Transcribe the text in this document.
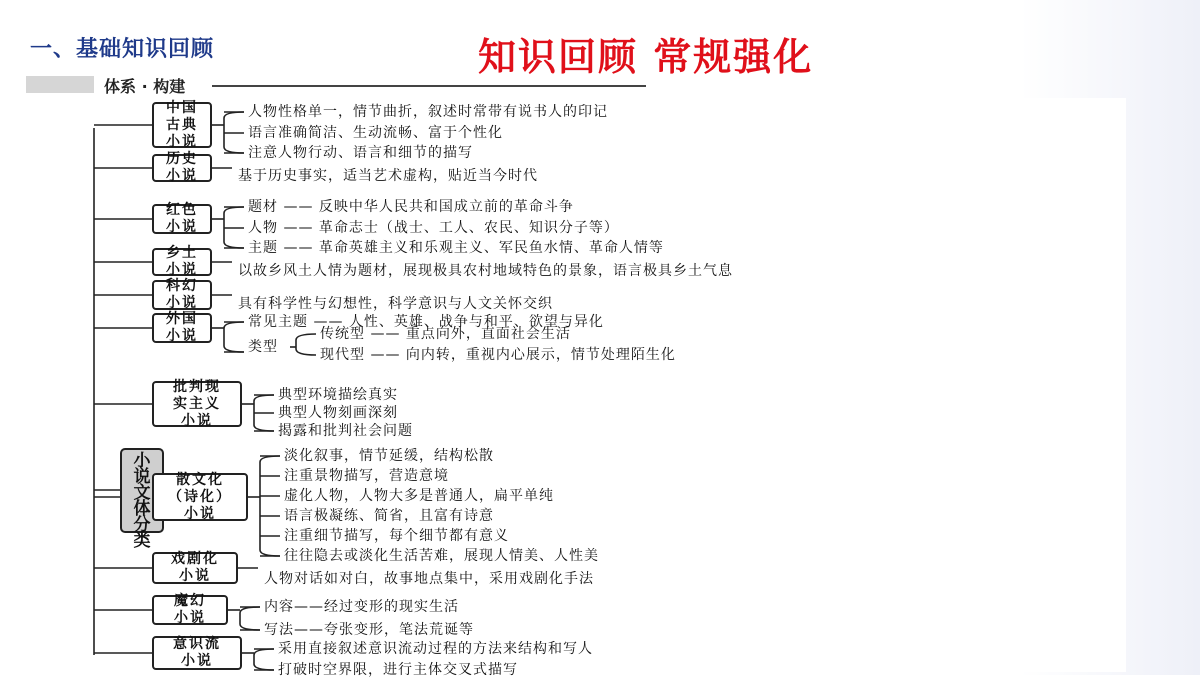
一、基础知识回顾	知识回顾 常规强化
体系 · 构建
小
说
文
体
分
类
中国
古典
小说
人物性格单一，情节曲折，叙述时常带有说书人的印记
语言准确简洁、生动流畅、富于个性化
注意人物行动、语言和细节的描写
历史
小说	基于历史事实，适当艺术虚构，贴近当今时代
红色
小说
题材 —— 反映中华人民共和国成立前的革命斗争
人物 —— 革命志士（战士、工人、农民、知识分子等）
主题 —— 革命英雄主义和乐观主义、军民鱼水情、革命人情等
乡土
小说	以故乡风土人情为题材，展现极具农村地域特色的景象，语言极具乡土气息
科幻
小说	具有科学性与幻想性，科学意识与人文关怀交织
外国
小说
常见主题 —— 人性、英雄、战争与和平、欲望与异化
类型
传统型 —— 重点向外，直面社会生活
现代型 —— 向内转，重视内心展示，情节处理陌生化
批判现
实主义
小说
典型环境描绘真实
典型人物刻画深刻
揭露和批判社会问题
散文化
（诗化）
小说
淡化叙事，情节延缓，结构松散
注重景物描写，营造意境
虚化人物，人物大多是普通人，扁平单纯
语言极凝练、简省，且富有诗意
注重细节描写，每个细节都有意义
往往隐去或淡化生活苦难，展现人情美、人性美
戏剧化
小说	人物对话如对白，故事地点集中，采用戏剧化手法
魔幻
小说
内容——经过变形的现实生活
写法——夸张变形，笔法荒诞等
意识流
小说
采用直接叙述意识流动过程的方法来结构和写人
打破时空界限，进行主体交叉式描写
